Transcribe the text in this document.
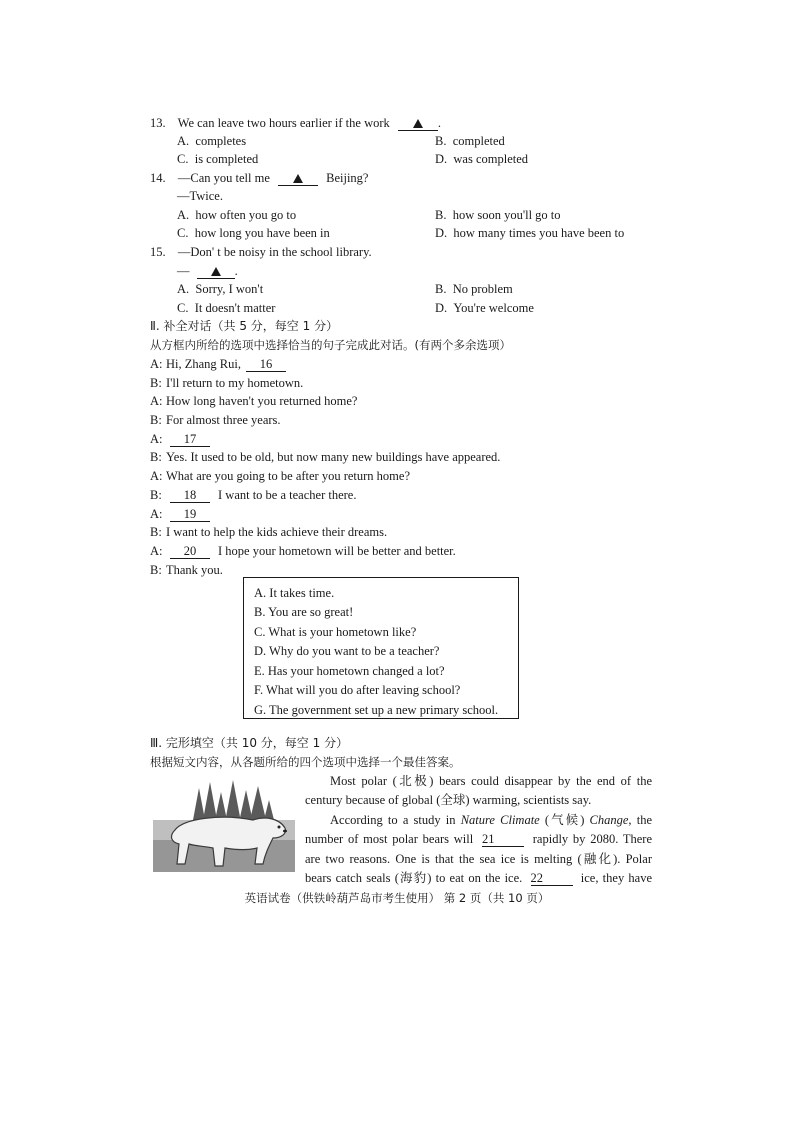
13. We can leave two hours earlier if the work	.
A. completes	B. completed
C. is completed	D. was completed
14. —Can you tell me	Beijing?
—Twice.
A. how often you go to	B. how soon you'll go to
C. how long you have been in	D. how many times you have been to
15. —Don' t be noisy in the school library.
—	.
A. Sorry, I won't	B. No problem
C. It doesn't matter	D. You're welcome
Ⅱ. 补全对话（共 5 分，每空 1 分）
从方框内所给的选项中选择恰当的句子完成此对话。(有两个多余选项）
A: Hi, Zhang Rui, 16
B: I'll return to my hometown.
A: How long haven't you returned home?
B: For almost three years.
A: 17
B: Yes. It used to be old, but now many new buildings have appeared.
A: What are you going to be after you return home?
B: 18 I want to be a teacher there.
A: 19
B: I want to help the kids achieve their dreams.
A: 20 I hope your hometown will be better and better.
B: Thank you.
A. It takes time.
B. You are so great!
C. What is your hometown like?
D. Why do you want to be a teacher?
E. Has your hometown changed a lot?
F. What will you do after leaving school?
G. The government set up a new primary school.
Ⅲ. 完形填空（共 10 分，每空 1 分）
根据短文内容，从各题所给的四个选项中选择一个最佳答案。
Most polar (北极) bears could disappear by the end of the
century because of global (全球) warming, scientists say.
According to a study in Nature Climate (气候) Change, the
number of most polar bears will 21	rapidly by 2080. There
are two reasons. One is that the sea ice is melting (融化). Polar
bears catch seals (海豹) to eat on the ice. 22	ice, they have
英语试卷（供铁岭葫芦岛市考生使用） 第 2 页（共 10 页）
